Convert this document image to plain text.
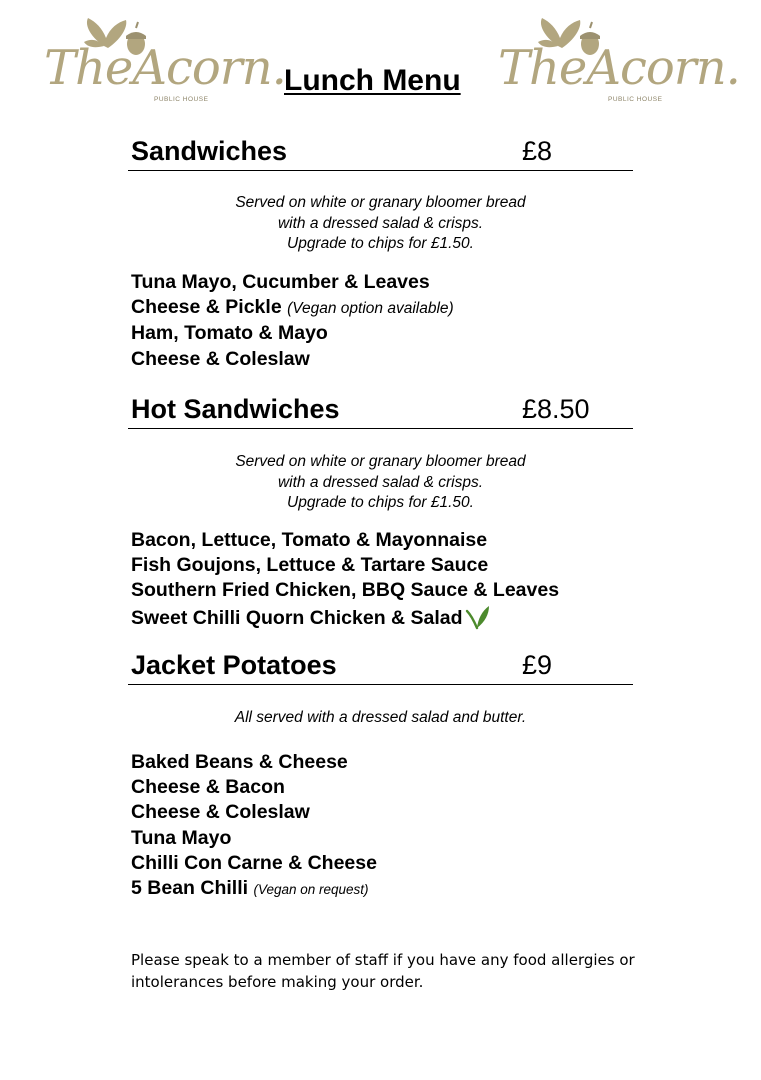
TheAcorn.
PUBLIC HOUSE
TheAcorn.
PUBLIC HOUSE
Lunch Menu
Sandwiches	£8
Served on white or granary bloomer bread
with a dressed salad & crisps.
Upgrade to chips for £1.50.
Tuna Mayo, Cucumber & Leaves
Cheese & Pickle (Vegan option available)
Ham, Tomato & Mayo
Cheese & Coleslaw
Hot Sandwiches	£8.50
Served on white or granary bloomer bread
with a dressed salad & crisps.
Upgrade to chips for £1.50.
Bacon, Lettuce, Tomato & Mayonnaise
Fish Goujons, Lettuce & Tartare Sauce
Southern Fried Chicken, BBQ Sauce & Leaves
Sweet Chilli Quorn Chicken & Salad
Jacket Potatoes	£9
All served with a dressed salad and butter.
Baked Beans & Cheese
Cheese & Bacon
Cheese & Coleslaw
Tuna Mayo
Chilli Con Carne & Cheese
5 Bean Chilli (Vegan on request)
Please speak to a member of staff if you have any food allergies or
intolerances before making your order.
